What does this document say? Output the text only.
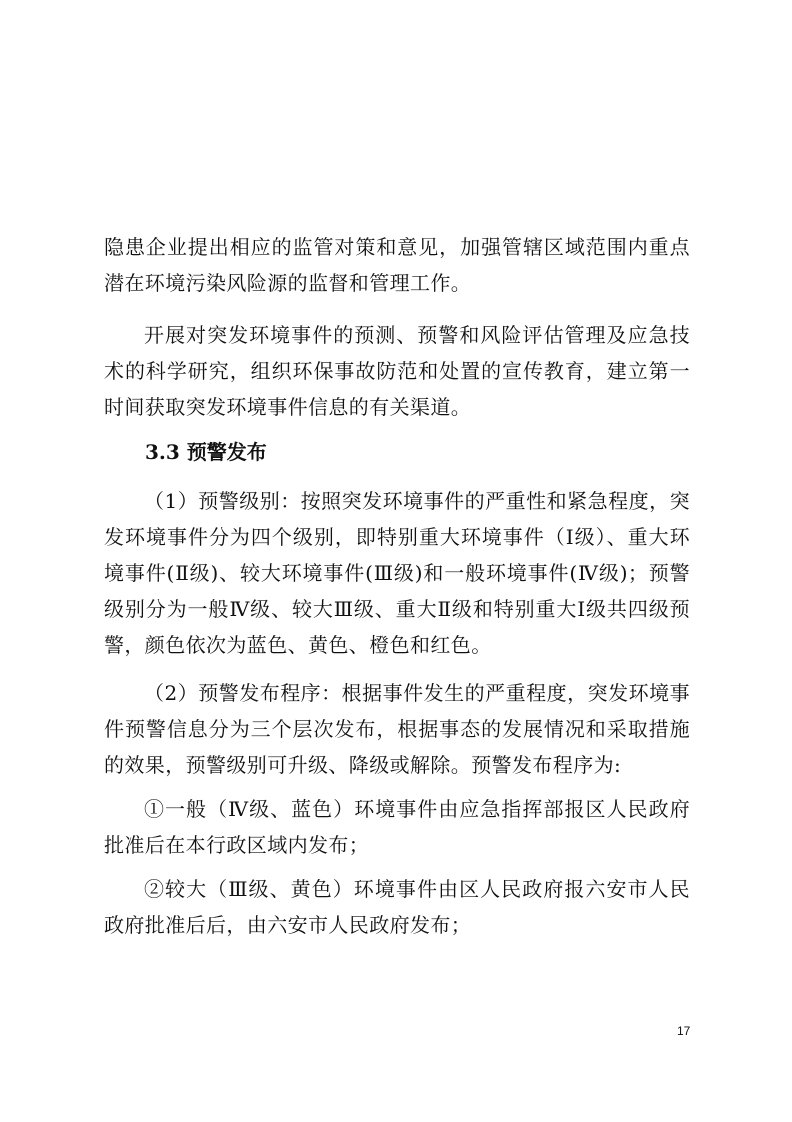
隐患企业提出相应的监管对策和意见，加强管辖区域范围内重点潜在环境污染风险源的监督和管理工作。

开展对突发环境事件的预测、预警和风险评估管理及应急技术的科学研究，组织环保事故防范和处置的宣传教育，建立第一时间获取突发环境事件信息的有关渠道。

3.3 预警发布

（1）预警级别：按照突发环境事件的严重性和紧急程度，突发环境事件分为四个级别，即特别重大环境事件（Ⅰ级）、重大环境事件(Ⅱ级)、较大环境事件(Ⅲ级)和一般环境事件(Ⅳ级)；预警级别分为一般Ⅳ级、较大Ⅲ级、重大Ⅱ级和特别重大Ⅰ级共四级预警，颜色依次为蓝色、黄色、橙色和红色。

（2）预警发布程序：根据事件发生的严重程度，突发环境事件预警信息分为三个层次发布，根据事态的发展情况和采取措施的效果，预警级别可升级、降级或解除。预警发布程序为:

①一般（Ⅳ级、蓝色）环境事件由应急指挥部报区人民政府批准后在本行政区域内发布；

②较大（Ⅲ级、黄色）环境事件由区人民政府报六安市人民政府批准后后，由六安市人民政府发布；

17
